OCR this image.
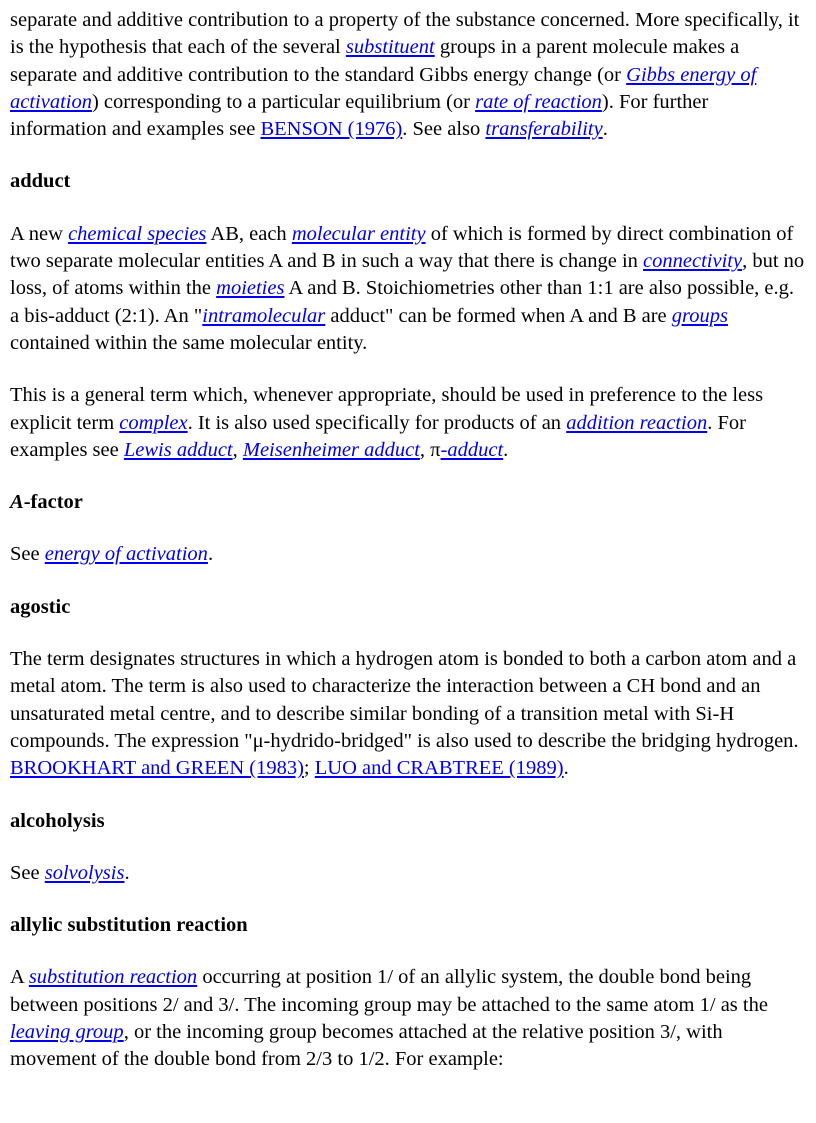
separate and additive contribution to a property of the substance concerned. More specifically, it is the hypothesis that each of the several substituent groups in a parent molecule makes a separate and additive contribution to the standard Gibbs energy change (or Gibbs energy of activation) corresponding to a particular equilibrium (or rate of reaction). For further information and examples see BENSON (1976). See also transferability.

adduct

A new chemical species AB, each molecular entity of which is formed by direct combination of two separate molecular entities A and B in such a way that there is change in connectivity, but no loss, of atoms within the moieties A and B. Stoichiometries other than 1:1 are also possible, e.g. a bis-adduct (2:1). An "intramolecular adduct" can be formed when A and B are groups contained within the same molecular entity.

This is a general term which, whenever appropriate, should be used in preference to the less explicit term complex. It is also used specifically for products of an addition reaction. For examples see Lewis adduct, Meisenheimer adduct, π-adduct.

A-factor

See energy of activation.

agostic

The term designates structures in which a hydrogen atom is bonded to both a carbon atom and a metal atom. The term is also used to characterize the interaction between a CH bond and an unsaturated metal centre, and to describe similar bonding of a transition metal with Si-H compounds. The expression "μ-hydrido-bridged" is also used to describe the bridging hydrogen. BROOKHART and GREEN (1983); LUO and CRABTREE (1989).

alcoholysis

See solvolysis.

allylic substitution reaction

A substitution reaction occurring at position 1/ of an allylic system, the double bond being between positions 2/ and 3/. The incoming group may be attached to the same atom 1/ as the leaving group, or the incoming group becomes attached at the relative position 3/, with movement of the double bond from 2/3 to 1/2. For example:
